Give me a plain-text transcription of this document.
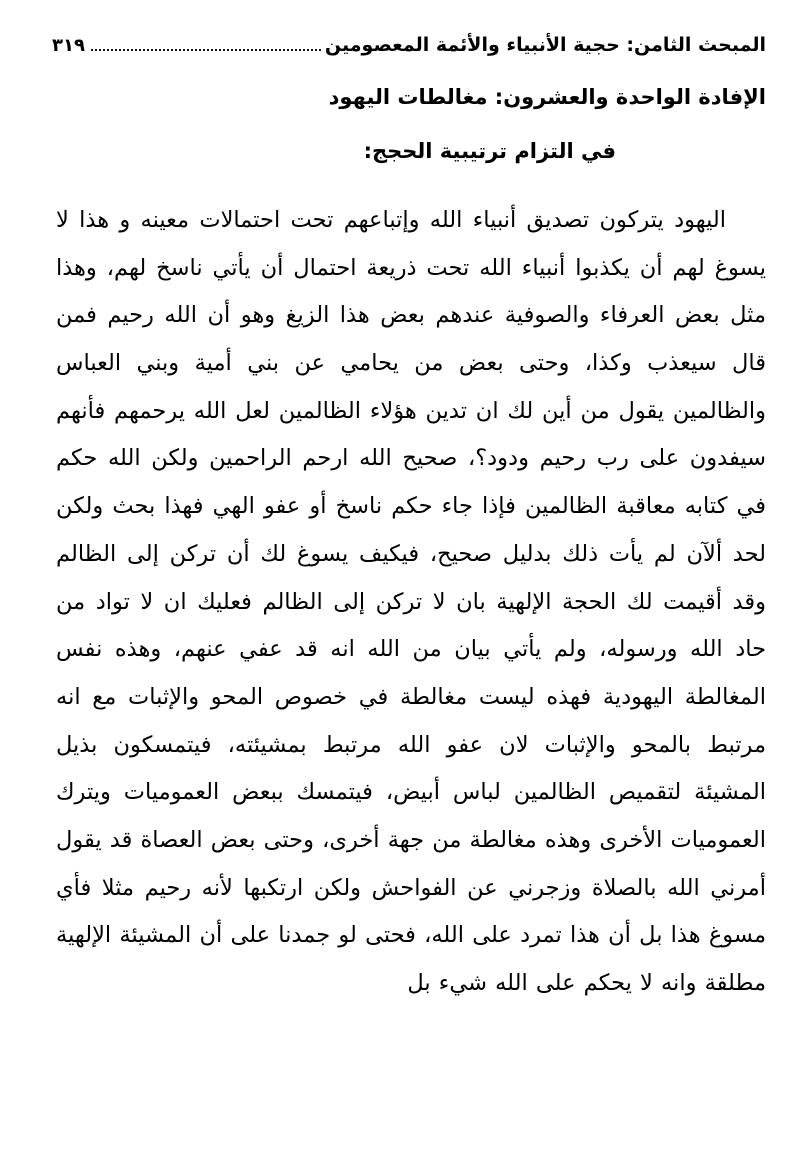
المبحث الثامن: حجية الأنبياء والأئمة المعصومين
٣١٩
الإفادة الواحدة والعشرون: مغالطات اليهود
في التزام ترتيبية الحجج:

اليهود يتركون تصديق أنبياء الله وإتباعهم تحت احتمالات معينه و هذا لا يسوغ لهم أن يكذبوا أنبياء الله تحت ذريعة احتمال أن يأتي ناسخ لهم، وهذا مثل بعض العرفاء والصوفية عندهم بعض هذا الزيغ وهو أن الله رحيم فمن قال سيعذب وكذا، وحتى بعض من يحامي عن بني أمية وبني العباس والظالمين يقول من أين لك ان تدين هؤلاء الظالمين لعل الله يرحمهم فأنهم سيفدون على رب رحيم ودود؟، صحيح الله ارحم الراحمين ولكن الله حكم في كتابه معاقبة الظالمين فإذا جاء حكم ناسخ أو عفو الهي فهذا بحث ولكن لحد ألآن لم يأت ذلك بدليل صحيح، فيكيف يسوغ لك أن تركن إلى الظالم وقد أقيمت لك الحجة الإلهية بان لا تركن إلى الظالم فعليك ان لا تواد من حاد الله ورسوله، ولم يأتي بيان من الله انه قد عفي عنهم، وهذه نفس المغالطة اليهودية فهذه ليست مغالطة في خصوص المحو والإثبات مع انه مرتبط بالمحو والإثبات لان عفو الله مرتبط بمشيئته، فيتمسكون بذيل المشيئة لتقميص الظالمين لباس أبيض، فيتمسك ببعض العموميات ويترك العموميات الأخرى وهذه مغالطة من جهة أخرى، وحتى بعض العصاة قد يقول أمرني الله بالصلاة وزجرني عن الفواحش ولكن ارتكبها لأنه رحيم مثلا فأي مسوغ هذا بل أن هذا تمرد على الله، فحتى لو جمدنا على أن المشيئة الإلهية مطلقة وانه لا يحكم على الله شيء بل
